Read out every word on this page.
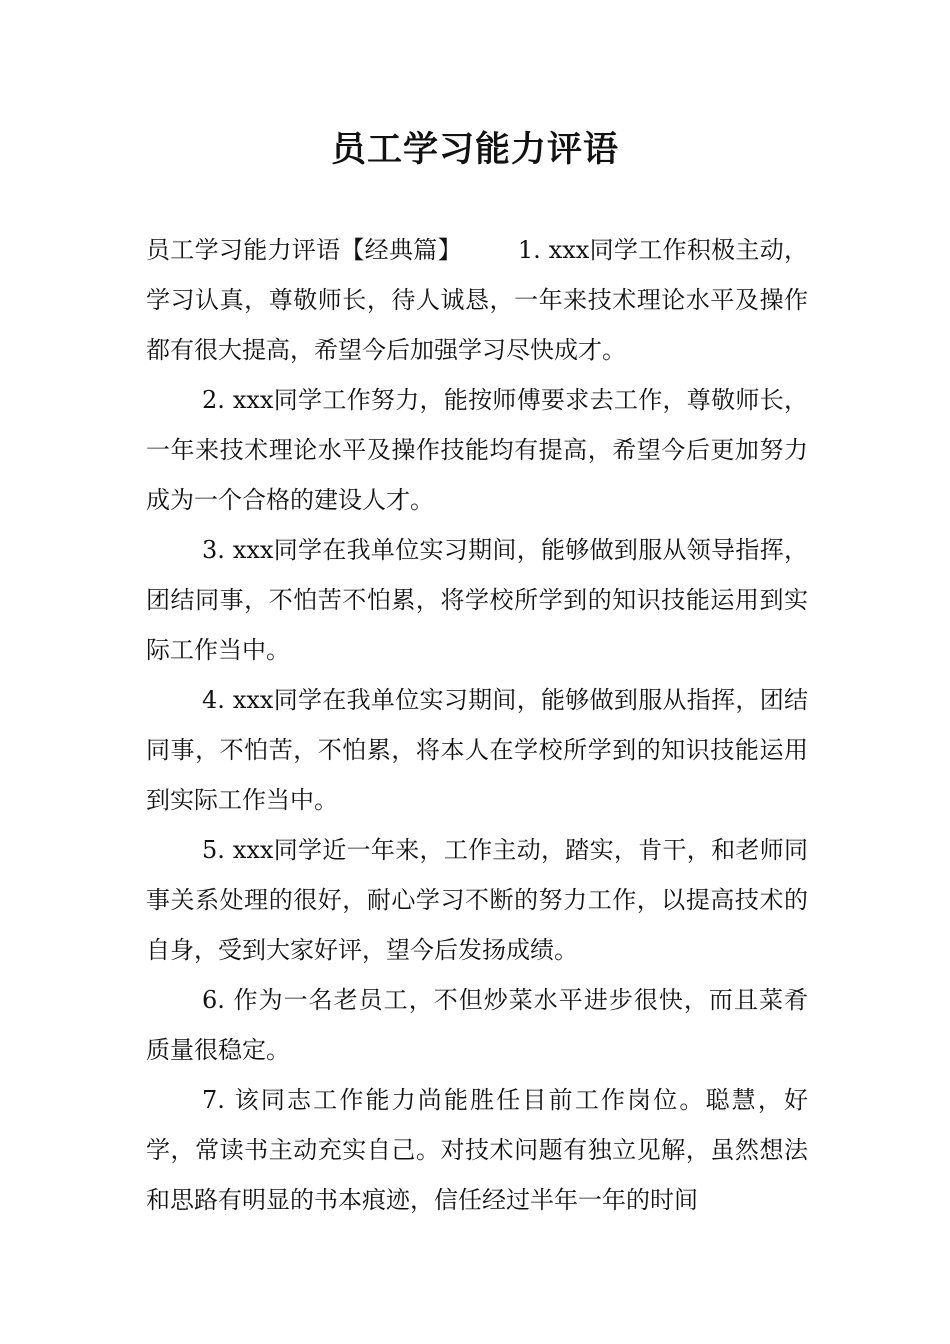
员工学习能力评语

员工学习能力评语【经典篇】 1. xxx同学工作积极主动，学习认真，尊敬师长，待人诚恳，一年来技术理论水平及操作都有很大提高，希望今后加强学习尽快成才。

2. xxx同学工作努力，能按师傅要求去工作，尊敬师长，一年来技术理论水平及操作技能均有提高，希望今后更加努力成为一个合格的建设人才。

3. xxx同学在我单位实习期间，能够做到服从领导指挥，团结同事，不怕苦不怕累，将学校所学到的知识技能运用到实际工作当中。

4. xxx同学在我单位实习期间，能够做到服从指挥，团结同事，不怕苦，不怕累，将本人在学校所学到的知识技能运用到实际工作当中。

5. xxx同学近一年来，工作主动，踏实，肯干，和老师同事关系处理的很好，耐心学习不断的努力工作，以提高技术的自身，受到大家好评，望今后发扬成绩。

6. 作为一名老员工，不但炒菜水平进步很快，而且菜肴质量很稳定。

7. 该同志工作能力尚能胜任目前工作岗位。聪慧，好学，常读书主动充实自己。对技术问题有独立见解，虽然想法和思路有明显的书本痕迹，信任经过半年一年的时间
